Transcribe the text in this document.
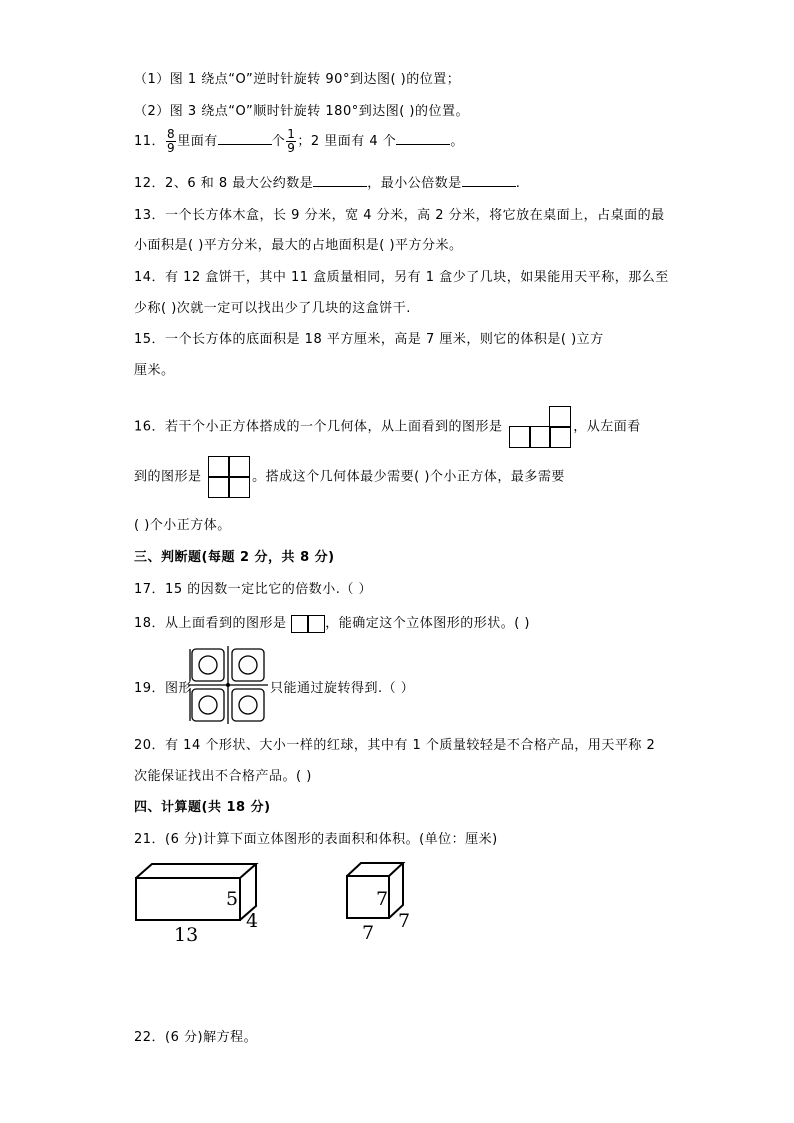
（1）图 1 绕点“O”逆时针旋转 90°到达图( )的位置；
（2）图 3 绕点“O”顺时针旋转 180°到达图( )的位置。
11． $\frac{8}{9}$ 里面有	个 $\frac{1}{9}$ ；2 里面有 4 个	。
12．2、6 和 8 最大公约数是	，最小公倍数是	.
13．一个长方体木盒，长 9 分米，宽 4 分米，高 2 分米，将它放在桌面上，占桌面的最
小面积是( )平方分米，最大的占地面积是( )平方分米。
14．有 12 盒饼干，其中 11 盒质量相同，另有 1 盒少了几块，如果能用天平称，那么至
少称( )次就一定可以找出少了几块的这盒饼干.
15．一个长方体的底面积是 18 平方厘米，高是 7 厘米，则它的体积是( )立方
厘米。
16．若干个小正方体搭成的一个几何体，从上面看到的图形是	，从左面看
到的图形是	。搭成这个几何体最少需要( )个小正方体，最多需要
( )个小正方体。
三、判断题(每题 2 分，共 8 分)
17．15 的因数一定比它的倍数小.（ ）
18．从上面看到的图形是	，能确定这个立体图形的形状。( )
19．图形	只能通过旋转得到.（ ）
20．有 14 个形状、大小一样的红球，其中有 1 个质量较轻是不合格产品，用天平称 2
次能保证找出不合格产品。( )
四、计算题(共 18 分)
21．(6 分)计算下面立体图形的表面积和体积。(单位：厘米)
5
4
13
7
7
7
22．(6 分)解方程。
